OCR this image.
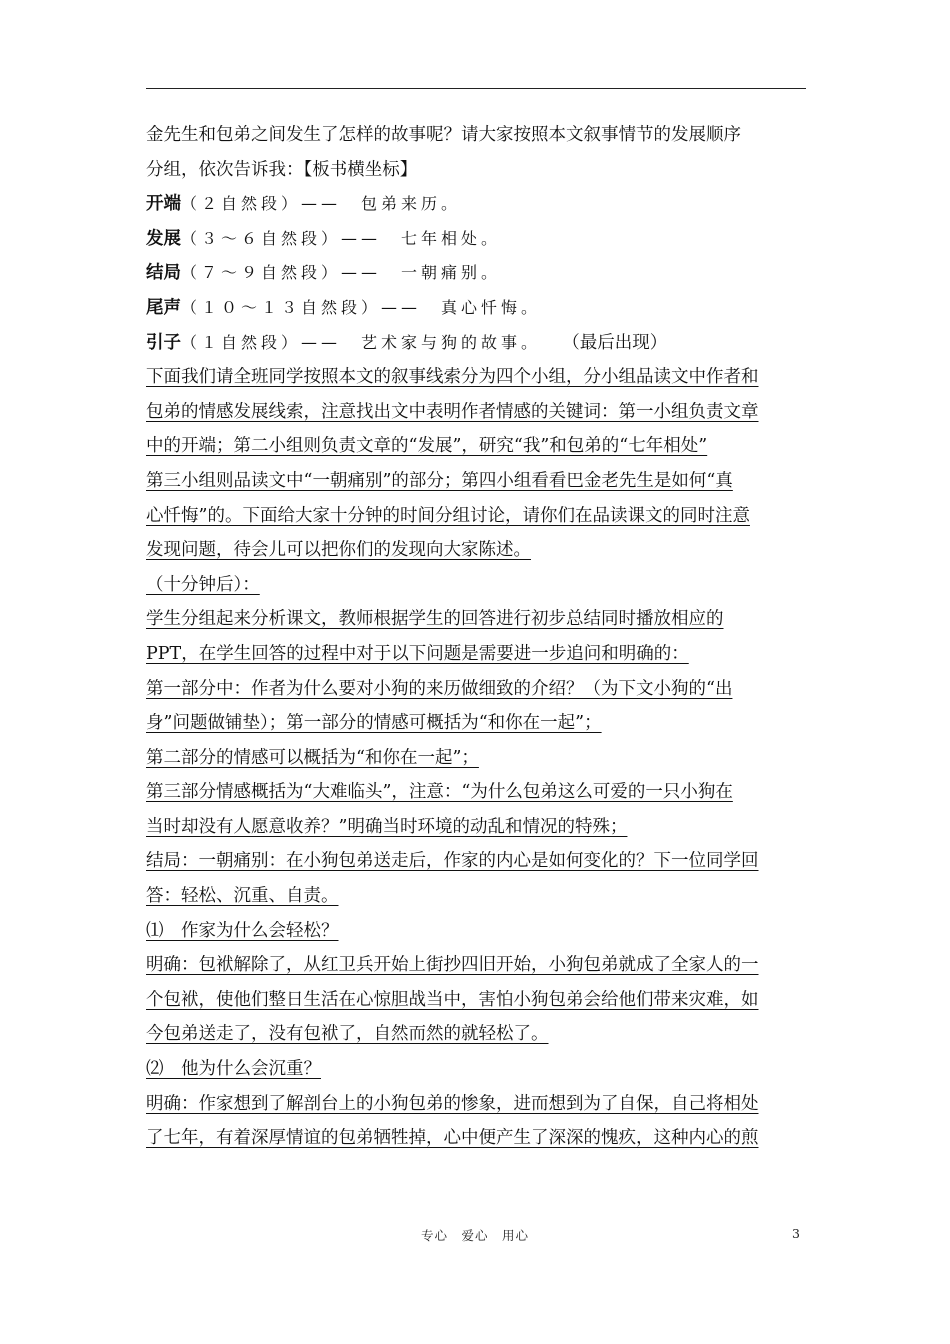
金先生和包弟之间发生了怎样的故事呢？请大家按照本文叙事情节的发展顺序
分组，依次告诉我：【板书横坐标】
开端（２自然段）——　包弟来历。
发展（３～６自然段）——　七年相处。
结局（７～９自然段）——　一朝痛别。
尾声（１０～１３自然段）——　真心忏悔。
引子（１自然段）——　艺术家与狗的故事。 （最后出现）
下面我们请全班同学按照本文的叙事线索分为四个小组，分小组品读文中作者和
包弟的情感发展线索，注意找出文中表明作者情感的关键词：第一小组负责文章
中的开端；第二小组则负责文章的“发展”，研究“我”和包弟的“七年相处”
第三小组则品读文中“一朝痛别”的部分；第四小组看看巴金老先生是如何“真
心忏悔”的。下面给大家十分钟的时间分组讨论，请你们在品读课文的同时注意
发现问题，待会儿可以把你们的发现向大家陈述。
（十分钟后）：
学生分组起来分析课文，教师根据学生的回答进行初步总结同时播放相应的
PPT，在学生回答的过程中对于以下问题是需要进一步追问和明确的：
第一部分中：作者为什么要对小狗的来历做细致的介绍？（为下文小狗的“出
身”问题做铺垫）；第一部分的情感可概括为“和你在一起”；
第二部分的情感可以概括为“和你在一起”；
第三部分情感概括为“大难临头”，注意：“为什么包弟这么可爱的一只小狗在
当时却没有人愿意收养？”明确当时环境的动乱和情况的特殊；
结局：一朝痛别：在小狗包弟送走后，作家的内心是如何变化的？下一位同学回
答：轻松、沉重、自责。
⑴　作家为什么会轻松？
明确：包袱解除了，从红卫兵开始上街抄四旧开始，小狗包弟就成了全家人的一
个包袱，使他们整日生活在心惊胆战当中，害怕小狗包弟会给他们带来灾难，如
今包弟送走了，没有包袱了，自然而然的就轻松了。
⑵　他为什么会沉重？
明确：作家想到了解剖台上的小狗包弟的惨象，进而想到为了自保，自己将相处
了七年，有着深厚情谊的包弟牺牲掉，心中便产生了深深的愧疚，这种内心的煎
专心　爱心　用心	3
